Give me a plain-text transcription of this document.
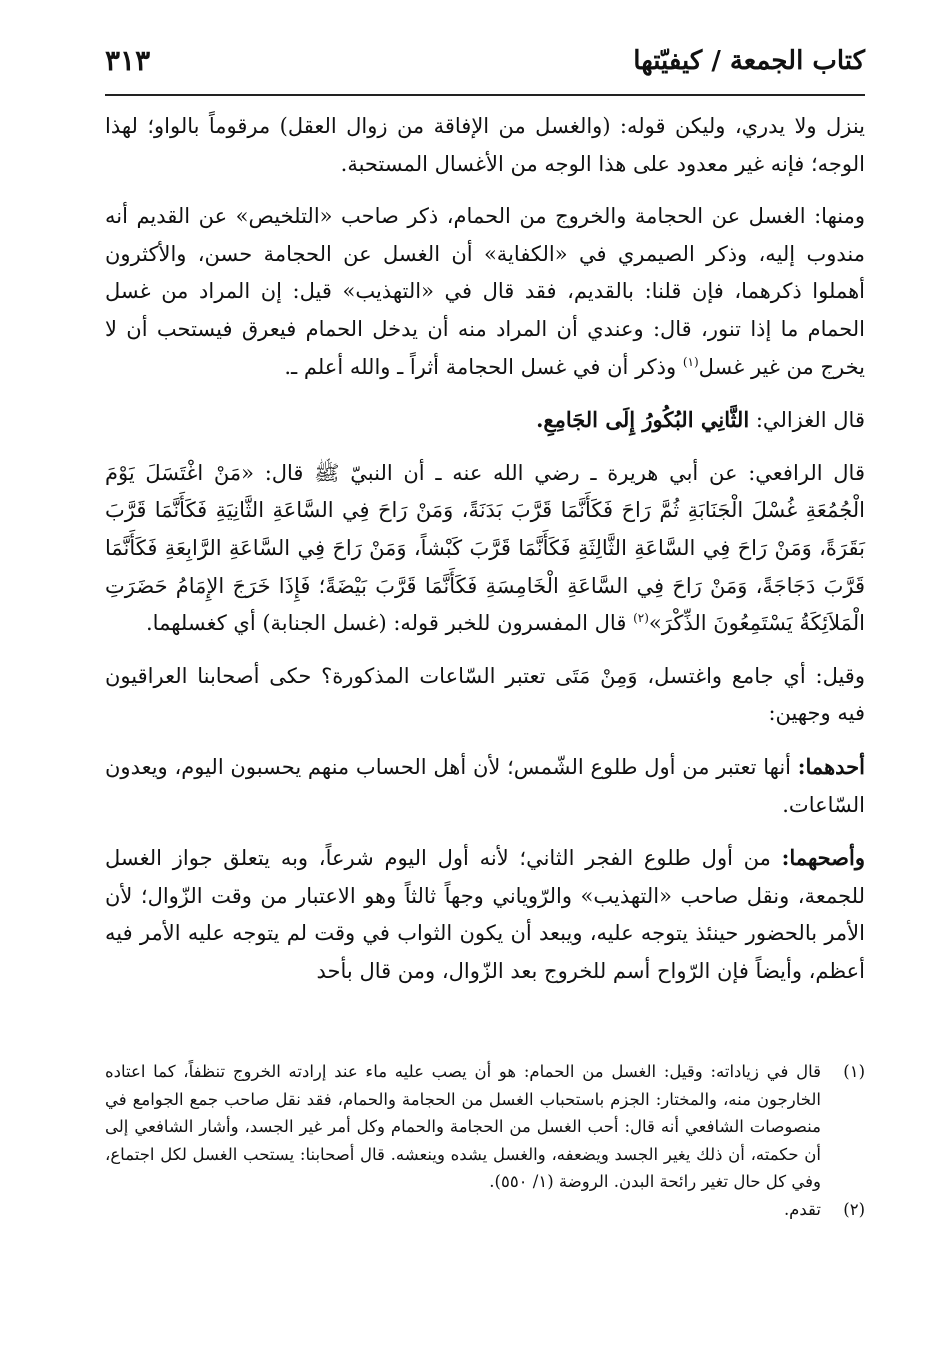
كتاب الجمعة / كيفيّتها
٣١٣

ينزل ولا يدري، وليكن قوله: (والغسل من الإفاقة من زوال العقل) مرقوماً بالواو؛ لهذا الوجه؛ فإنه غير معدود على هذا الوجه من الأغسال المستحبة.

ومنها: الغسل عن الحجامة والخروج من الحمام، ذكر صاحب «التلخيص» عن القديم أنه مندوب إليه، وذكر الصيمري في «الكفاية» أن الغسل عن الحجامة حسن، والأكثرون أهملوا ذكرهما، فإن قلنا: بالقديم، فقد قال في «التهذيب» قيل: إن المراد من غسل الحمام ما إذا تنور، قال: وعندي أن المراد منه أن يدخل الحمام فيعرق فيستحب أن لا يخرج من غير غسل$^{(١)}$ وذكر أن في غسل الحجامة أثراً ـ والله أعلم ـ.

قال الغزالي: الثَّانِي البُكُورُ إِلَى الجَامِعِ.

قال الرافعي: عن أبي هريرة ـ رضي الله عنه ـ أن النبيّ ﷺ قال: «مَنْ اغْتَسَلَ يَوْمَ الْجُمُعَةِ غُسْلَ الْجَنَابَةِ ثُمَّ رَاحَ فَكَأَنَّمَا قَرَّبَ بَدَنَةً، وَمَنْ رَاحَ فِي السَّاعَةِ الثَّانِيَةِ فَكَأَنَّمَا قَرَّبَ بَقَرَةً، وَمَنْ رَاحَ فِي السَّاعَةِ الثَّالِثَةِ فَكَأَنَّمَا قَرَّبَ كَبْشاً، وَمَنْ رَاحَ فِي السَّاعَةِ الرَّابِعَةِ فَكَأَنَّمَا قَرَّبَ دَجَاجَةً، وَمَنْ رَاحَ فِي السَّاعَةِ الْخَامِسَةِ فَكَأَنَّمَا قَرَّبَ بَيْضَةً؛ فَإِذَا خَرَجَ الإِمَامُ حَضَرَتِ الْمَلاَئِكَةُ يَسْتَمِعُونَ الذِّكْرَ»$^{(٢)}$ قال المفسرون للخبر قوله: (غسل الجنابة) أي كغسلهما.

وقيل: أي جامع واغتسل، وَمِنْ مَتَى تعتبر السّاعات المذكورة؟ حكى أصحابنا العراقيون فيه وجهين:

أحدهما: أنها تعتبر من أول طلوع الشّمس؛ لأن أهل الحساب منهم يحسبون اليوم، ويعدون السّاعات.

وأصحهما: من أول طلوع الفجر الثاني؛ لأنه أول اليوم شرعاً، وبه يتعلق جواز الغسل للجمعة، ونقل صاحب «التهذيب» والرّوياني وجهاً ثالثاً وهو الاعتبار من وقت الزّوال؛ لأن الأمر بالحضور حينئذ يتوجه عليه، ويبعد أن يكون الثواب في وقت لم يتوجه عليه الأمر فيه أعظم، وأيضاً فإن الرّواح أسم للخروج بعد الزّوال، ومن قال بأحد

(١)
قال في زياداته: وقيل: الغسل من الحمام: هو أن يصب عليه ماء عند إرادته الخروج تنظفاً، كما اعتاده الخارجون منه، والمختار: الجزم باستحباب الغسل من الحجامة والحمام، فقد نقل صاحب جمع الجوامع في منصوصات الشافعي أنه قال: أحب الغسل من الحجامة والحمام وكل أمر غير الجسد، وأشار الشافعي إلى أن حكمته، أن ذلك يغير الجسد ويضعفه، والغسل يشده وينعشه. قال أصحابنا: يستحب الغسل لكل اجتماع، وفي كل حال تغير رائحة البدن. الروضة (١/ ٥٥٠).
(٢)
تقدم.
